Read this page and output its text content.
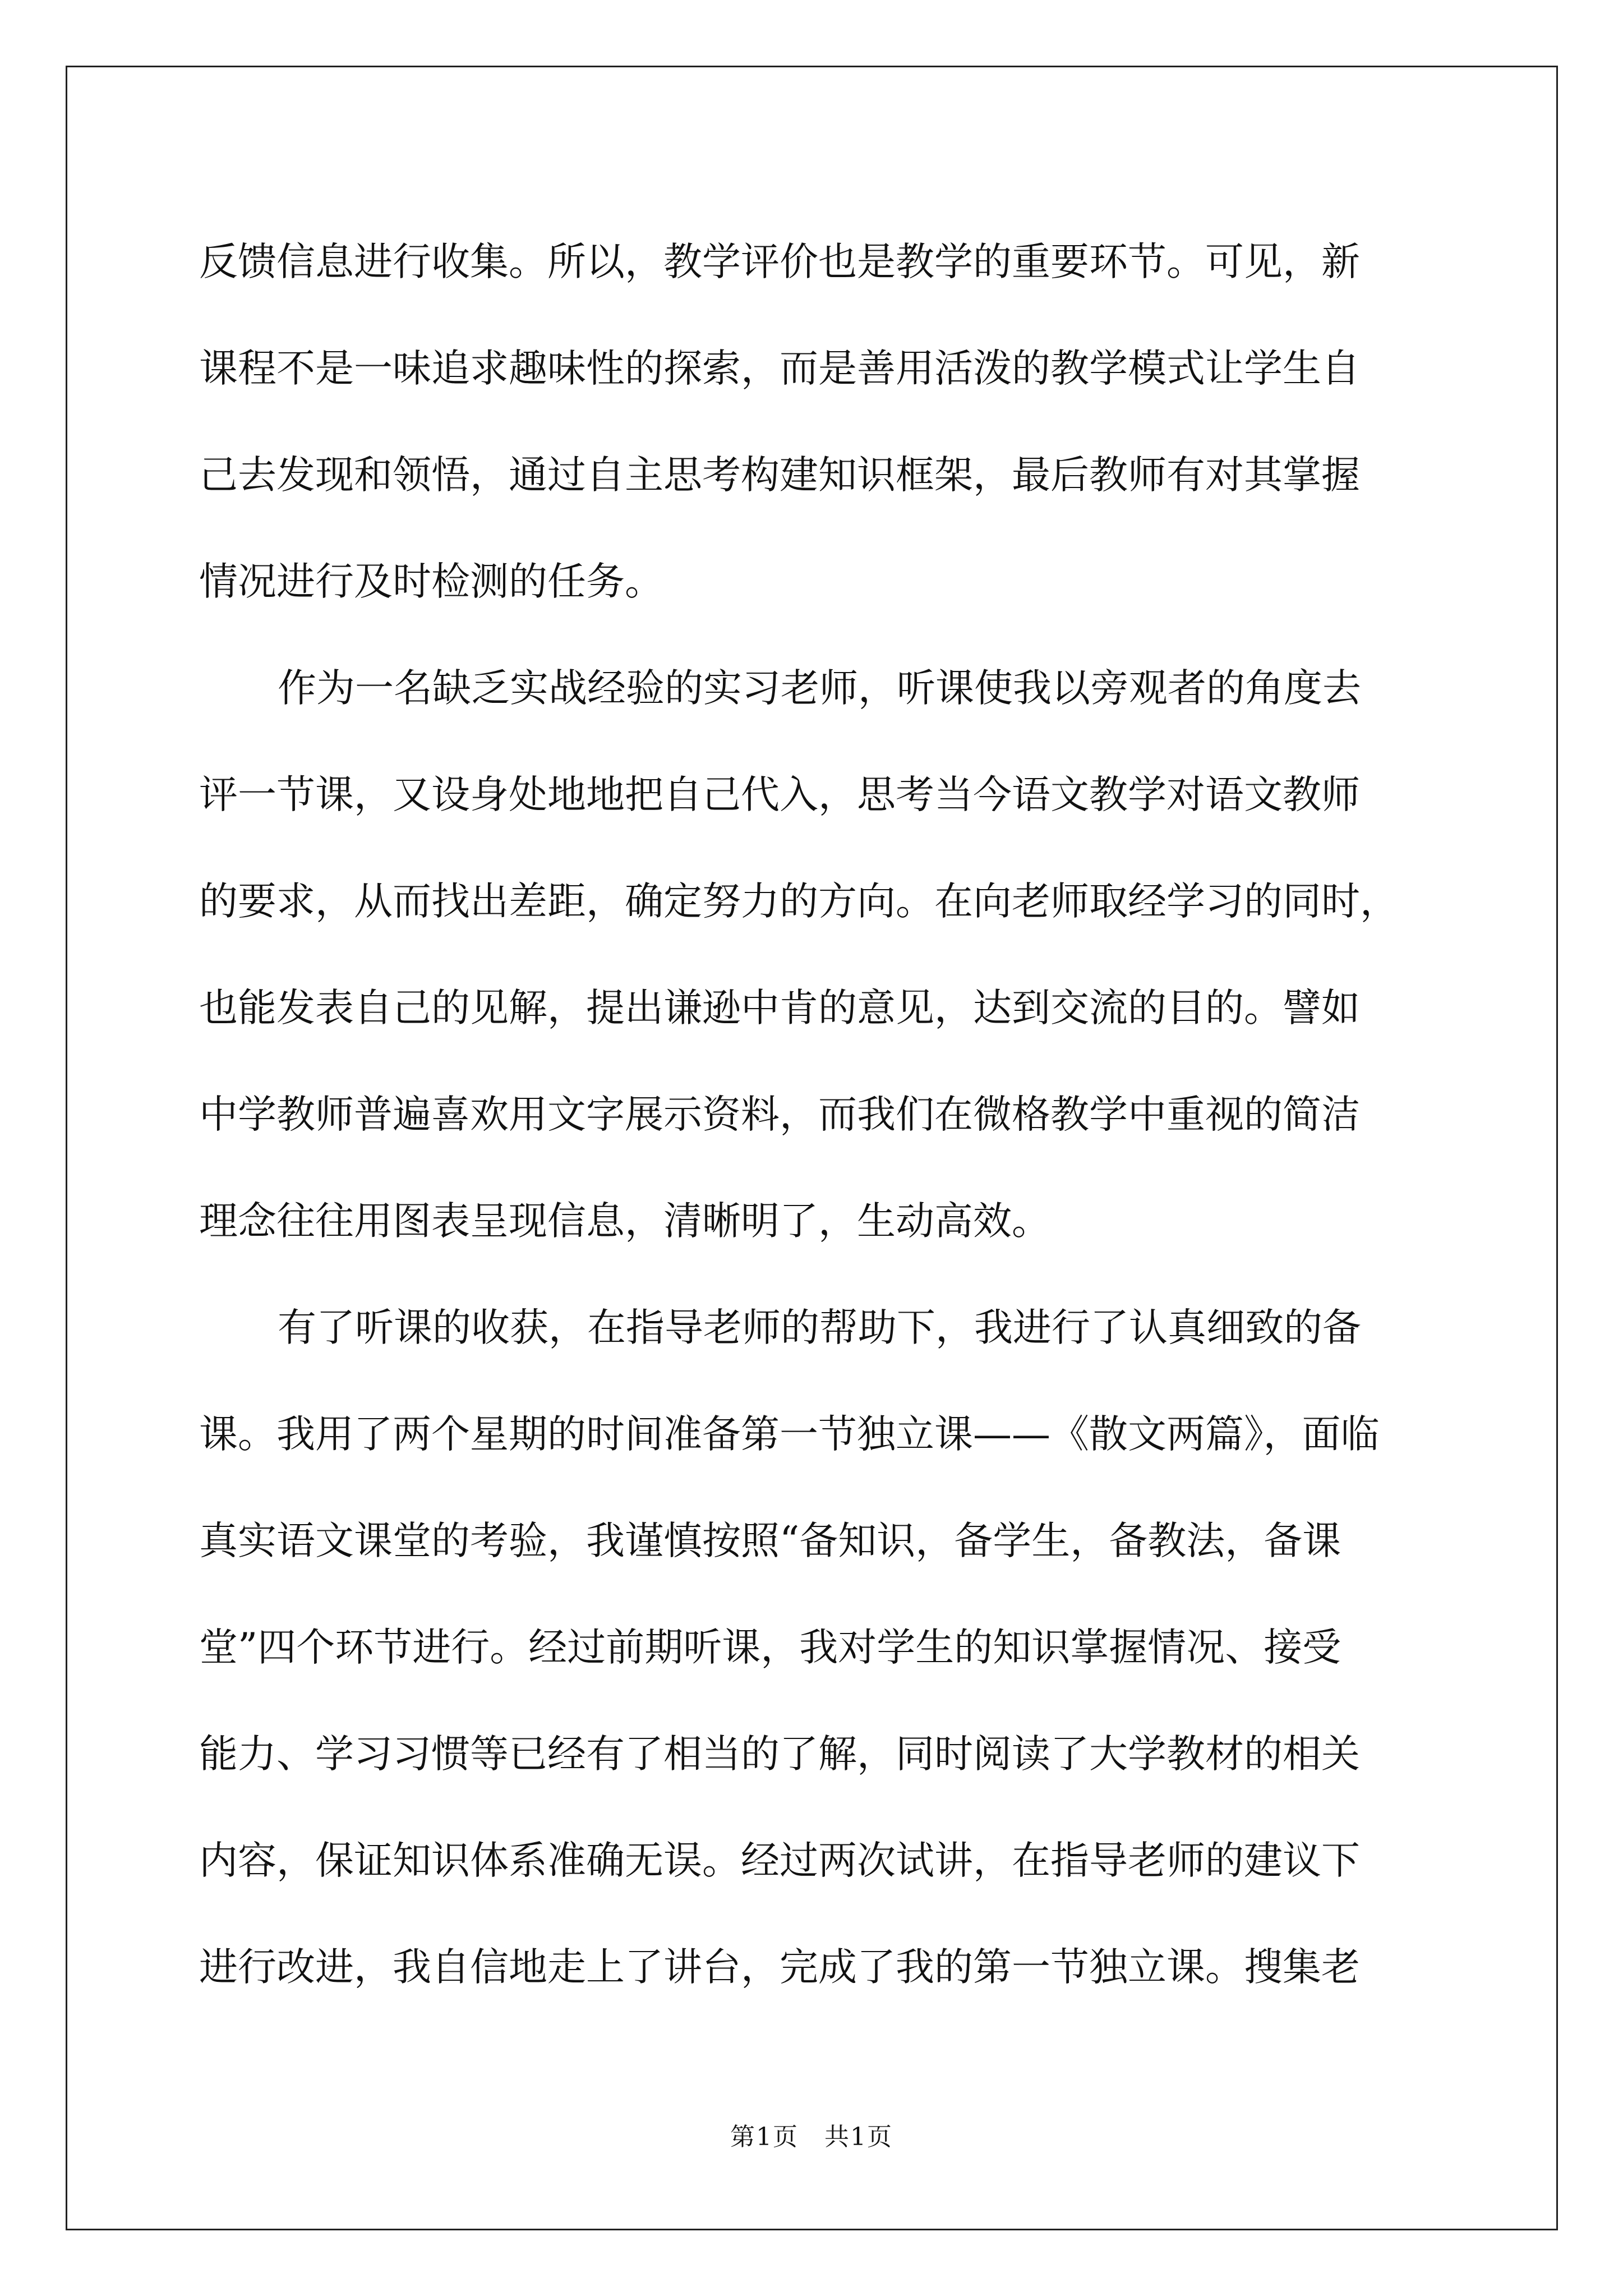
反馈信息进行收集。所以，教学评价也是教学的重要环节。可见，新
课程不是一味追求趣味性的探索，而是善用活泼的教学模式让学生自
己去发现和领悟，通过自主思考构建知识框架，最后教师有对其掌握
情况进行及时检测的任务。
作为一名缺乏实战经验的实习老师，听课使我以旁观者的角度去
评一节课，又设身处地地把自己代入，思考当今语文教学对语文教师
的要求，从而找出差距，确定努力的方向。在向老师取经学习的同时，
也能发表自己的见解，提出谦逊中肯的意见，达到交流的目的。譬如
中学教师普遍喜欢用文字展示资料，而我们在微格教学中重视的简洁
理念往往用图表呈现信息，清晰明了，生动高效。
有了听课的收获，在指导老师的帮助下，我进行了认真细致的备
课。我用了两个星期的时间准备第一节独立课——《散文两篇》，面临
真实语文课堂的考验，我谨慎按照“备知识，备学生，备教法，备课
堂”四个环节进行。经过前期听课，我对学生的知识掌握情况、接受
能力、学习习惯等已经有了相当的了解，同时阅读了大学教材的相关
内容，保证知识体系准确无误。经过两次试讲，在指导老师的建议下
进行改进，我自信地走上了讲台，完成了我的第一节独立课。搜集老
第1页　共1页
